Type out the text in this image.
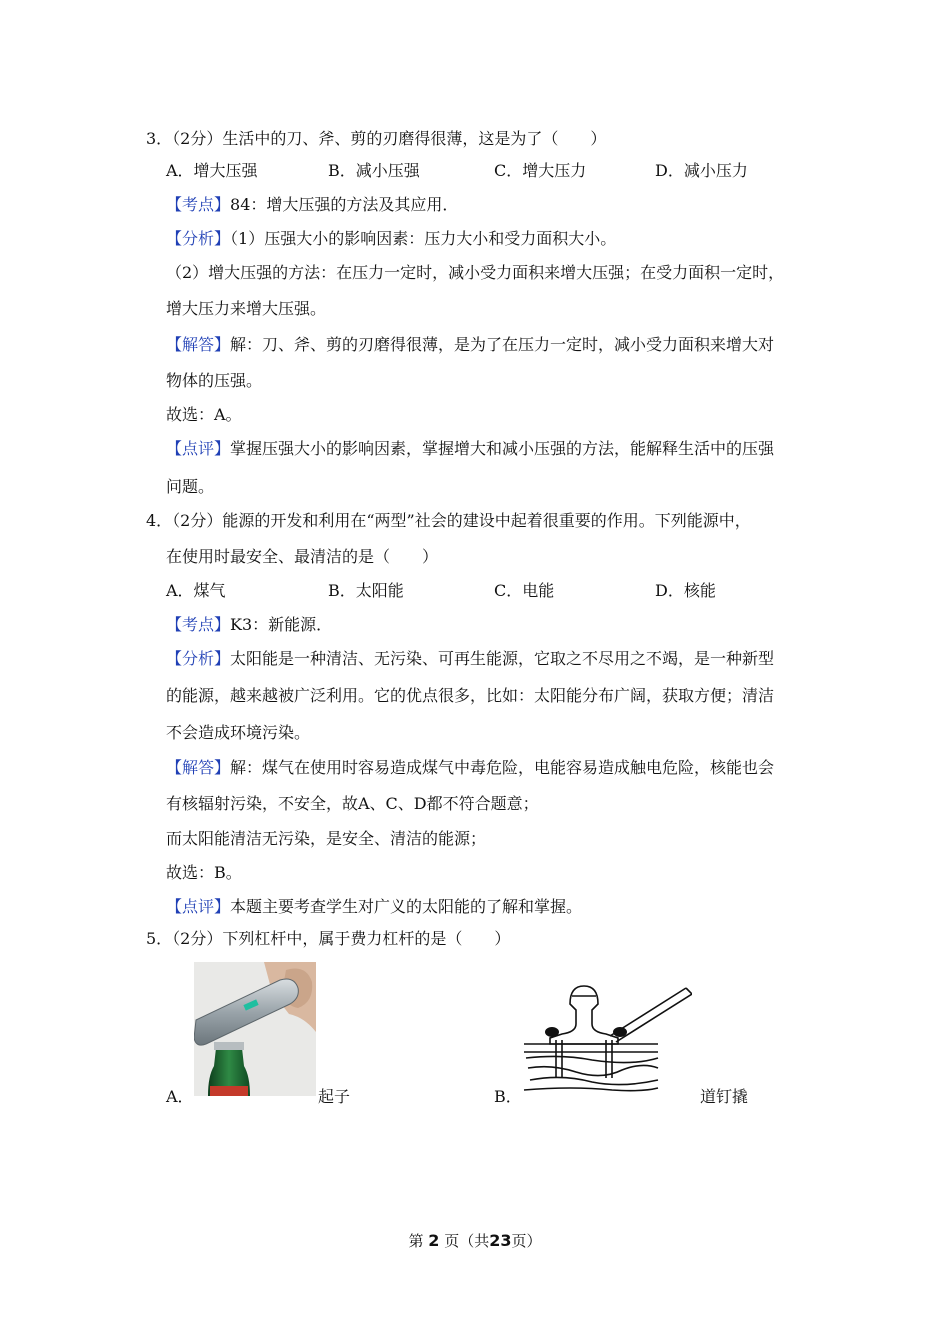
3．（2分）生活中的刀、斧、剪的刃磨得很薄，这是为了（　　）
A．增大压强	B．减小压强	C．增大压力	D．减小压力
【考点】84：增大压强的方法及其应用．
【分析】（1）压强大小的影响因素：压力大小和受力面积大小。
（2）增大压强的方法：在压力一定时，减小受力面积来增大压强；在受力面积一定时，
增大压力来增大压强。
【解答】解：刀、斧、剪的刃磨得很薄，是为了在压力一定时，减小受力面积来增大对
物体的压强。
故选：A。
【点评】掌握压强大小的影响因素，掌握增大和减小压强的方法，能解释生活中的压强
问题。
4．（2分）能源的开发和利用在“两型”社会的建设中起着很重要的作用。下列能源中，
在使用时最安全、最清洁的是（　　）
A．煤气	B．太阳能	C．电能	D．核能
【考点】K3：新能源．
【分析】太阳能是一种清洁、无污染、可再生能源，它取之不尽用之不竭，是一种新型
的能源，越来越被广泛利用。它的优点很多，比如：太阳能分布广阔，获取方便；清洁
不会造成环境污染。
【解答】解：煤气在使用时容易造成煤气中毒危险，电能容易造成触电危险，核能也会
有核辐射污染，不安全，故A、C、D都不符合题意；
而太阳能清洁无污染，是安全、清洁的能源；
故选：B。
【点评】本题主要考查学生对广义的太阳能的了解和掌握。
5．（2分）下列杠杆中，属于费力杠杆的是（　　）
A．	起子	B．	道钉撬
第 2 页（共23页）
